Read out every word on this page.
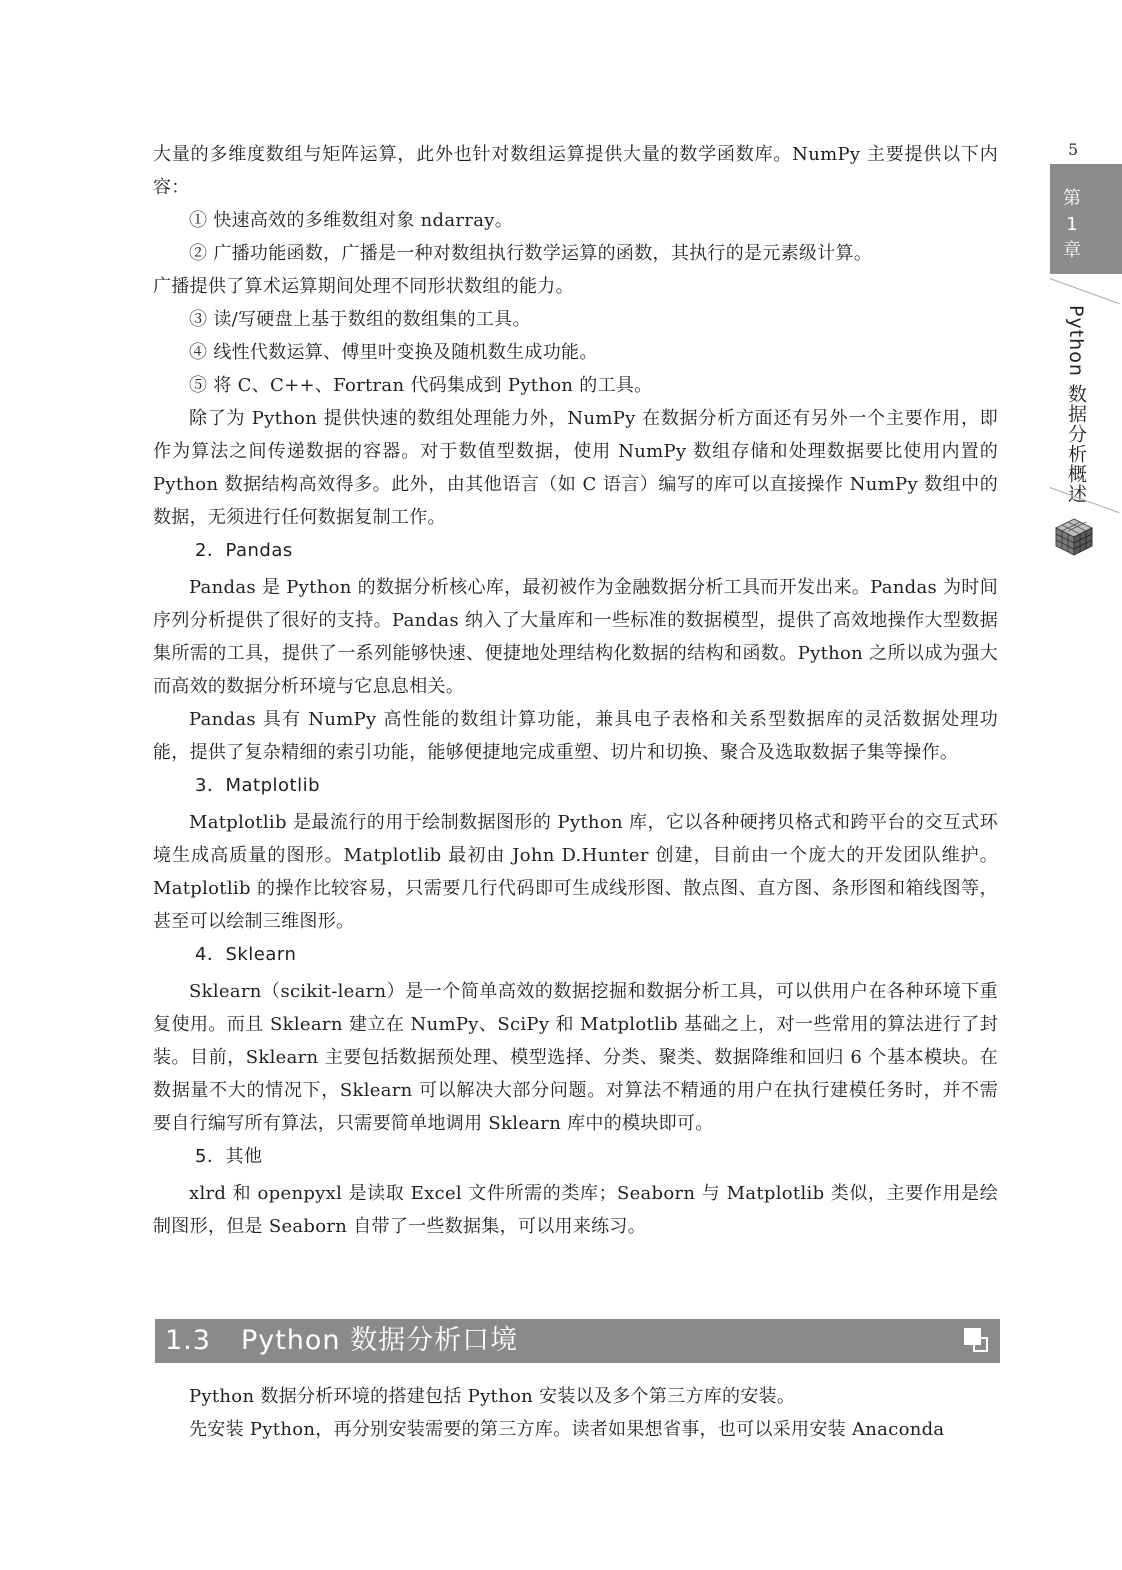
5
第
1
章
Python 数据分析概述

大量的多维度数组与矩阵运算，此外也针对数组运算提供大量的数学函数库。NumPy 主要提供以下内容：

① 快速高效的多维数组对象 ndarray。

② 广播功能函数，广播是一种对数组执行数学运算的函数，其执行的是元素级计算。

广播提供了算术运算期间处理不同形状数组的能力。

③ 读/写硬盘上基于数组的数组集的工具。

④ 线性代数运算、傅里叶变换及随机数生成功能。

⑤ 将 C、C++、Fortran 代码集成到 Python 的工具。

除了为 Python 提供快速的数组处理能力外，NumPy 在数据分析方面还有另外一个主要作用，即作为算法之间传递数据的容器。对于数值型数据，使用 NumPy 数组存储和处理数据要比使用内置的 Python 数据结构高效得多。此外，由其他语言（如 C 语言）编写的库可以直接操作 NumPy 数组中的数据，无须进行任何数据复制工作。

2．Pandas

Pandas 是 Python 的数据分析核心库，最初被作为金融数据分析工具而开发出来。Pandas 为时间序列分析提供了很好的支持。Pandas 纳入了大量库和一些标准的数据模型，提供了高效地操作大型数据集所需的工具，提供了一系列能够快速、便捷地处理结构化数据的结构和函数。Python 之所以成为强大而高效的数据分析环境与它息息相关。

Pandas 具有 NumPy 高性能的数组计算功能，兼具电子表格和关系型数据库的灵活数据处理功能，提供了复杂精细的索引功能，能够便捷地完成重塑、切片和切换、聚合及选取数据子集等操作。

3．Matplotlib

Matplotlib 是最流行的用于绘制数据图形的 Python 库，它以各种硬拷贝格式和跨平台的交互式环境生成高质量的图形。Matplotlib 最初由 John D.Hunter 创建，目前由一个庞大的开发团队维护。Matplotlib 的操作比较容易，只需要几行代码即可生成线形图、散点图、直方图、条形图和箱线图等，甚至可以绘制三维图形。

4．Sklearn

Sklearn（scikit-learn）是一个简单高效的数据挖掘和数据分析工具，可以供用户在各种环境下重复使用。而且 Sklearn 建立在 NumPy、SciPy 和 Matplotlib 基础之上，对一些常用的算法进行了封装。目前，Sklearn 主要包括数据预处理、模型选择、分类、聚类、数据降维和回归 6 个基本模块。在数据量不大的情况下，Sklearn 可以解决大部分问题。对算法不精通的用户在执行建模任务时，并不需要自行编写所有算法，只需要简单地调用 Sklearn 库中的模块即可。

5．其他

xlrd 和 openpyxl 是读取 Excel 文件所需的类库；Seaborn 与 Matplotlib 类似，主要作用是绘制图形，但是 Seaborn 自带了一些数据集，可以用来练习。

1.3 Python 数据分析口境

Python 数据分析环境的搭建包括 Python 安装以及多个第三方库的安装。

先安装 Python，再分别安装需要的第三方库。读者如果想省事，也可以采用安装 Anaconda
